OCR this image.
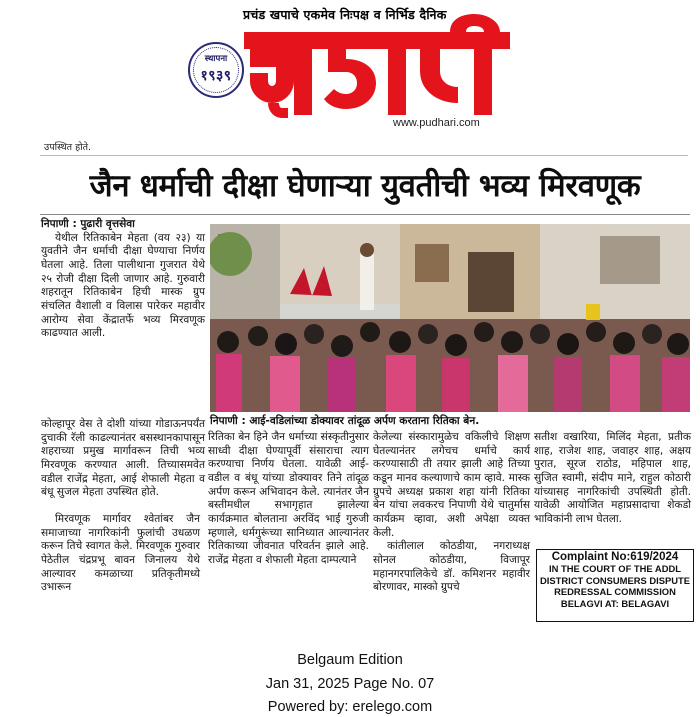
प्रचंड खपाचे एकमेव निःपक्ष व निर्भिड दैनिक
स्थापना
१९३९
www.pudhari.com
उपस्थित होते.
जैन धर्माची दीक्षा घेणाऱ्या युवतीची भव्य मिरवणूक

निपाणी : पुढारी वृत्तसेवा

येथील रितिकाबेन मेहता (वय २३) या युवतीने जैन धर्माची दीक्षा घेण्याचा निर्णय घेतला आहे. तिला पालीथाना गुजरात येथे २५ रोजी दीक्षा दिली जाणार आहे. गुरुवारी शहरातून रितिकाबेन हिची मास्क ग्रुप संचलित वैशाली व विलास पारेकर महावीर आरोग्य सेवा केंद्रातर्फे भव्य मिरवणूक काढण्यात आली.

कोल्हापूर वेस ते दोशी यांच्या गोडाऊनपर्यंत दुचाकी रॅली काढल्यानंतर बसस्थानकापासून शहराच्या प्रमुख मार्गावरून तिची भव्य मिरवणूक करण्यात आली. तिच्यासमवेत वडील राजेंद्र मेहता, आई शेफाली मेहता व बंधू सुजल मेहता उपस्थित होते.

मिरवणूक मार्गावर श्वेतांबर जैन समाजाच्या नागरिकांनी फुलांची उधळण करून तिचे स्वागत केले. मिरवणूक गुरुवार पेठेतील चंद्रप्रभू बावन जिनालय येथे आल्यावर कमळाच्या प्रतिकृतीमध्ये उभारून

निपाणी : आई-वडिलांच्या डोक्यावर तांदूळ अर्पण करताना रितिका बेन.

रितिका बेन हिने जैन धर्माच्या संस्कृतीनुसार साध्वी दीक्षा घेण्यापूर्वी संसाराचा त्याग करण्याचा निर्णय घेतला. यावेळी आई-वडील व बंधू यांच्या डोक्यावर तिने तांदूळ अर्पण करून अभिवादन केले. त्यानंतर जैन बस्तीमधील सभागृहात झालेल्या कार्यक्रमात बोलताना अरविंद भाई गुरुजी म्हणाले, धर्मगुरूंच्या सानिध्यात आल्यानंतर रितिकाच्या जीवनात परिवर्तन झाले आहे. राजेंद्र मेहता व शेफाली मेहता दाम्पत्याने

केलेल्या संस्कारामुळेच वकिलीचे शिक्षण घेतल्यानंतर लगेचच धर्माचे कार्य करण्यासाठी ती तयार झाली आहे तिच्या कडून मानव कल्याणाचे काम व्हावे. मास्क ग्रुपचे अध्यक्ष प्रकाश शहा यांनी रितिका बेन यांचा लवकरच निपाणी येथे चातुर्मास कार्यक्रम व्हावा, अशी अपेक्षा व्यक्त केली.

कांतीलाल कोठडीया, नगराध्यक्ष सोनल कोठडीया, विजापूर महानगरपालिकेचे डॉ. कमिशनर महावीर बोरणावर, मास्को ग्रुपचे

सतीश वखारिया, मिलिंद मेहता, प्रतीक शाह, राजेश शाह, जवाहर शाह, अक्षय पुरात, सूरज राठोड, महिपाल शाह, सुजित स्वामी, संदीप माने, राहुल कोठारी यांच्यासह नागरिकांची उपस्थिती होती. यावेळी आयोजित महाप्रसादाचा शेकडो भाविकांनी लाभ घेतला.

Complaint No:619/2024
IN THE COURT OF THE ADDL
DISTRICT CONSUMERS DISPUTE
REDRESSAL COMMISSION
BELAGVI AT: BELAGAVI
Belgaum Edition
Jan 31, 2025 Page No. 07
Powered by: erelego.com
